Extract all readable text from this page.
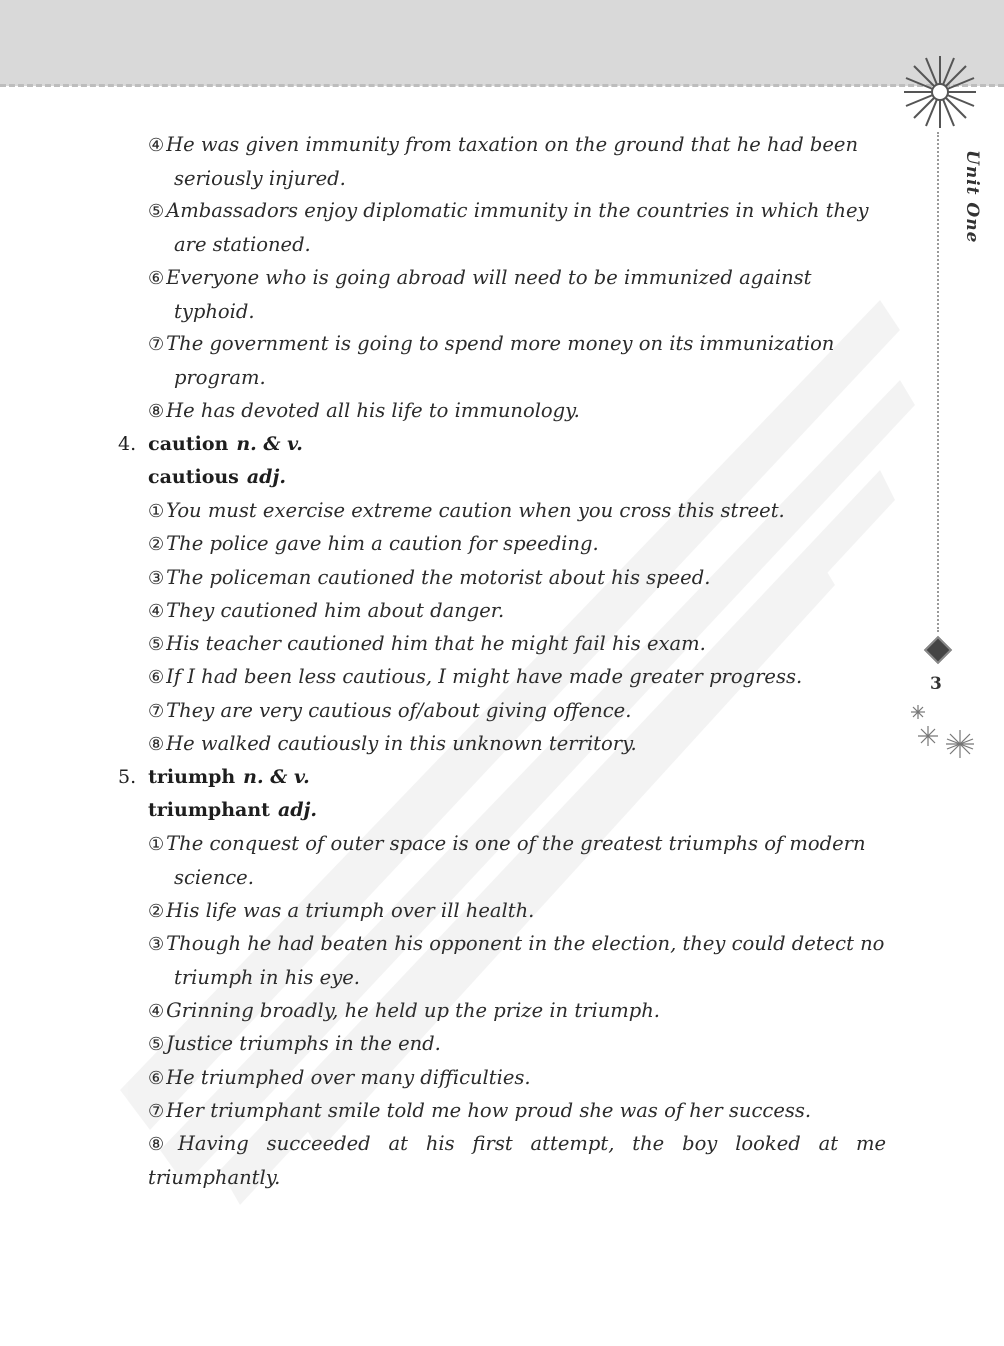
Unit One
3
④ He was given immunity from taxation on the ground that he had been
seriously injured.
⑤ Ambassadors enjoy diplomatic immunity in the countries in which they
are stationed.
⑥ Everyone who is going abroad will need to be immunized against
typhoid.
⑦ The government is going to spend more money on its immunization
program.
⑧ He has devoted all his life to immunology.
4. caution n. & v.
cautious adj.
① You must exercise extreme caution when you cross this street.
② The police gave him a caution for speeding.
③ The policeman cautioned the motorist about his speed.
④ They cautioned him about danger.
⑤ His teacher cautioned him that he might fail his exam.
⑥ If I had been less cautious, I might have made greater progress.
⑦ They are very cautious of/about giving offence.
⑧ He walked cautiously in this unknown territory.
5. triumph n. & v.
triumphant adj.
① The conquest of outer space is one of the greatest triumphs of modern
science.
② His life was a triumph over ill health.
③ Though he had beaten his opponent in the election, they could detect no
triumph in his eye.
④ Grinning broadly, he held up the prize in triumph.
⑤ Justice triumphs in the end.
⑥ He triumphed over many difficulties.
⑦ Her triumphant smile told me how proud she was of her success.
⑧ Having succeeded at his first attempt, the boy looked at me triumphantly.
